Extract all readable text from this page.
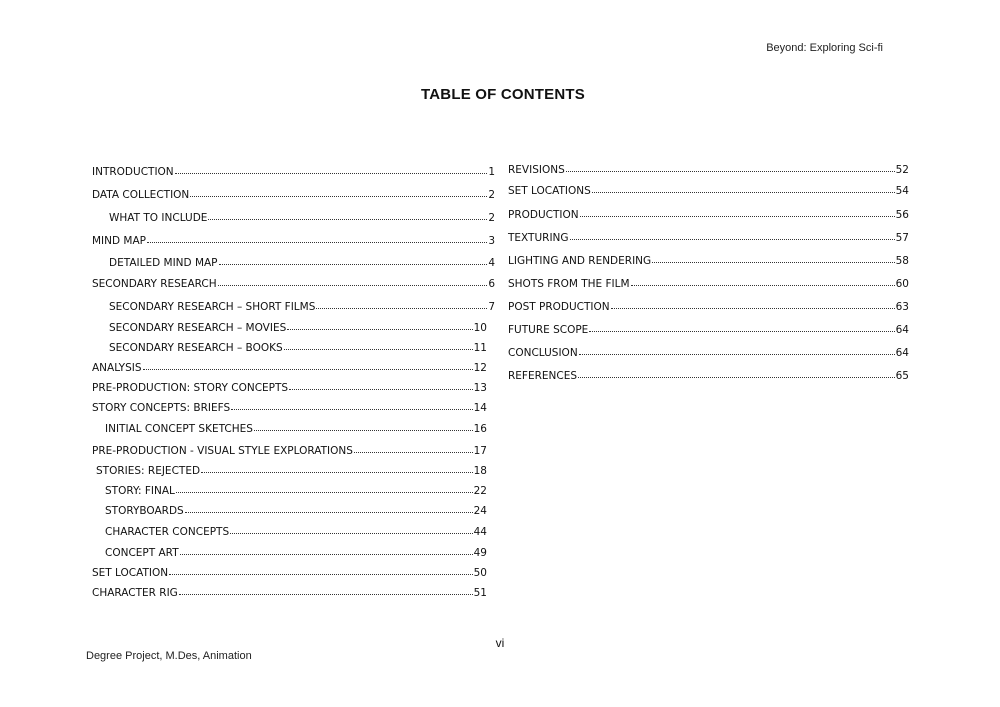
Beyond: Exploring Sci-fi
TABLE OF CONTENTS
INTRODUCTION	1
DATA COLLECTION	2
WHAT TO INCLUDE	2
MIND MAP	3
DETAILED MIND MAP	4
SECONDARY RESEARCH	6
SECONDARY RESEARCH – SHORT FILMS	7
SECONDARY RESEARCH – MOVIES	10
SECONDARY RESEARCH – BOOKS	11
ANALYSIS	12
PRE-PRODUCTION: STORY CONCEPTS	13
STORY CONCEPTS: BRIEFS	14
INITIAL CONCEPT SKETCHES	16
PRE-PRODUCTION - VISUAL STYLE EXPLORATIONS	17
STORIES: REJECTED	18
STORY: FINAL	22
STORYBOARDS	24
CHARACTER CONCEPTS	44
CONCEPT ART	49
SET LOCATION	50
CHARACTER RIG	51
REVISIONS	52
SET LOCATIONS	54
PRODUCTION	56
TEXTURING	57
LIGHTING AND RENDERING	58
SHOTS FROM THE FILM	60
POST PRODUCTION	63
FUTURE SCOPE	64
CONCLUSION	64
REFERENCES	65
vi
Degree Project, M.Des, Animation
